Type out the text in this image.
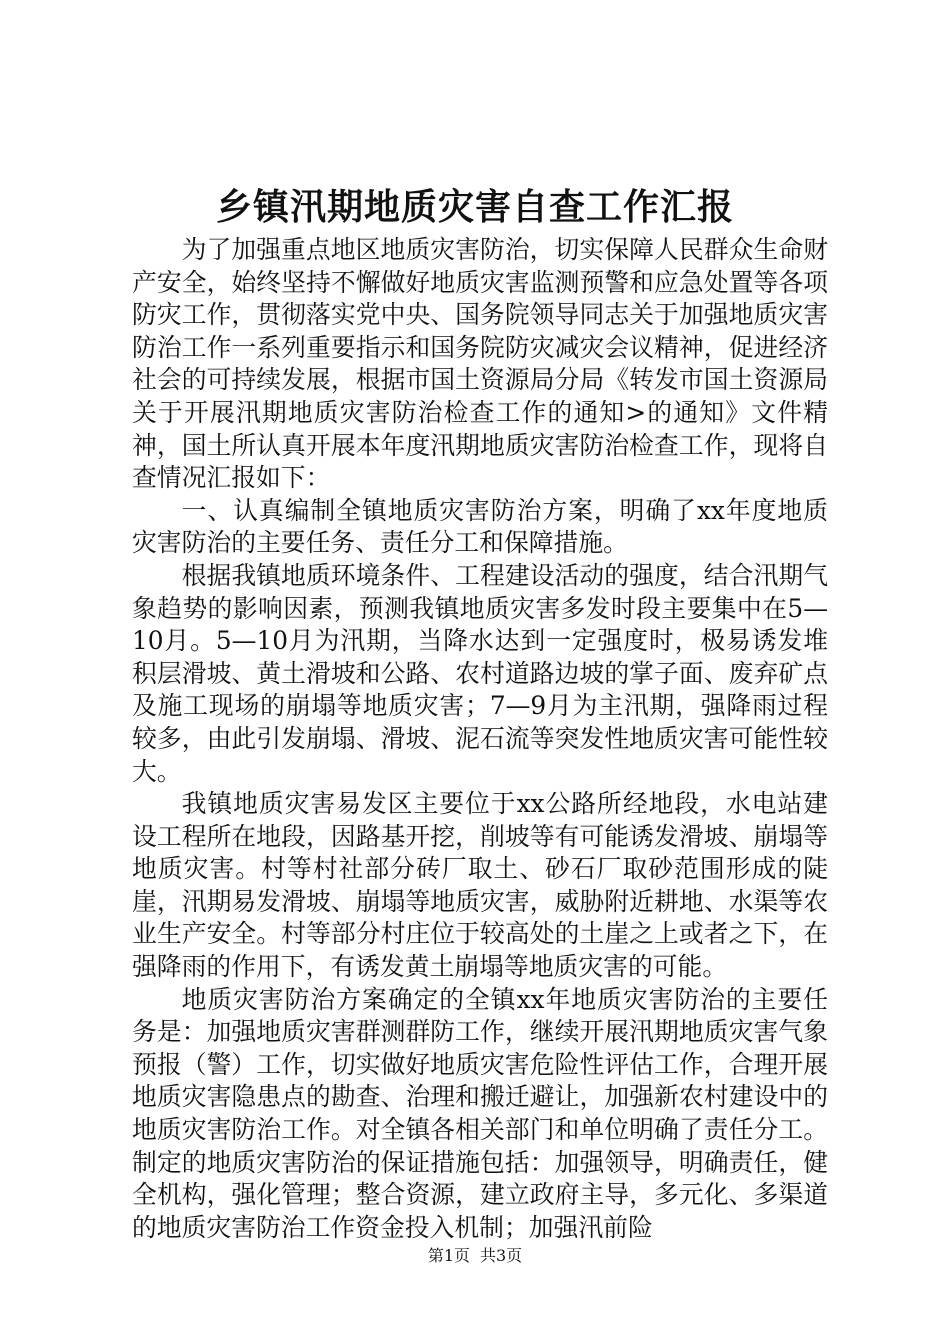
乡镇汛期地质灾害自查工作汇报

为了加强重点地区地质灾害防治，切实保障人民群众生命财产安全，始终坚持不懈做好地质灾害监测预警和应急处置等各项防灾工作，贯彻落实党中央、国务院领导同志关于加强地质灾害防治工作一系列重要指示和国务院防灾减灾会议精神，促进经济社会的可持续发展，根据市国土资源局分局《转发市国土资源局关于开展汛期地质灾害防治检查工作的通知>的通知》文件精神，国土所认真开展本年度汛期地质灾害防治检查工作，现将自查情况汇报如下：

一、认真编制全镇地质灾害防治方案，明确了xx年度地质灾害防治的主要任务、责任分工和保障措施。

根据我镇地质环境条件、工程建设活动的强度，结合汛期气象趋势的影响因素，预测我镇地质灾害多发时段主要集中在5—10月。5—10月为汛期，当降水达到一定强度时，极易诱发堆积层滑坡、黄土滑坡和公路、农村道路边坡的掌子面、废弃矿点及施工现场的崩塌等地质灾害；7—9月为主汛期，强降雨过程较多，由此引发崩塌、滑坡、泥石流等突发性地质灾害可能性较大。

我镇地质灾害易发区主要位于xx公路所经地段，水电站建设工程所在地段，因路基开挖，削坡等有可能诱发滑坡、崩塌等地质灾害。村等村社部分砖厂取土、砂石厂取砂范围形成的陡崖，汛期易发滑坡、崩塌等地质灾害，威胁附近耕地、水渠等农业生产安全。村等部分村庄位于较高处的土崖之上或者之下，在强降雨的作用下，有诱发黄土崩塌等地质灾害的可能。

地质灾害防治方案确定的全镇xx年地质灾害防治的主要任务是：加强地质灾害群测群防工作，继续开展汛期地质灾害气象预报（警）工作，切实做好地质灾害危险性评估工作，合理开展地质灾害隐患点的勘查、治理和搬迁避让，加强新农村建设中的地质灾害防治工作。对全镇各相关部门和单位明确了责任分工。制定的地质灾害防治的保证措施包括：加强领导，明确责任，健全机构，强化管理；整合资源，建立政府主导，多元化、多渠道的地质灾害防治工作资金投入机制；加强汛前险

第1页 共3页
